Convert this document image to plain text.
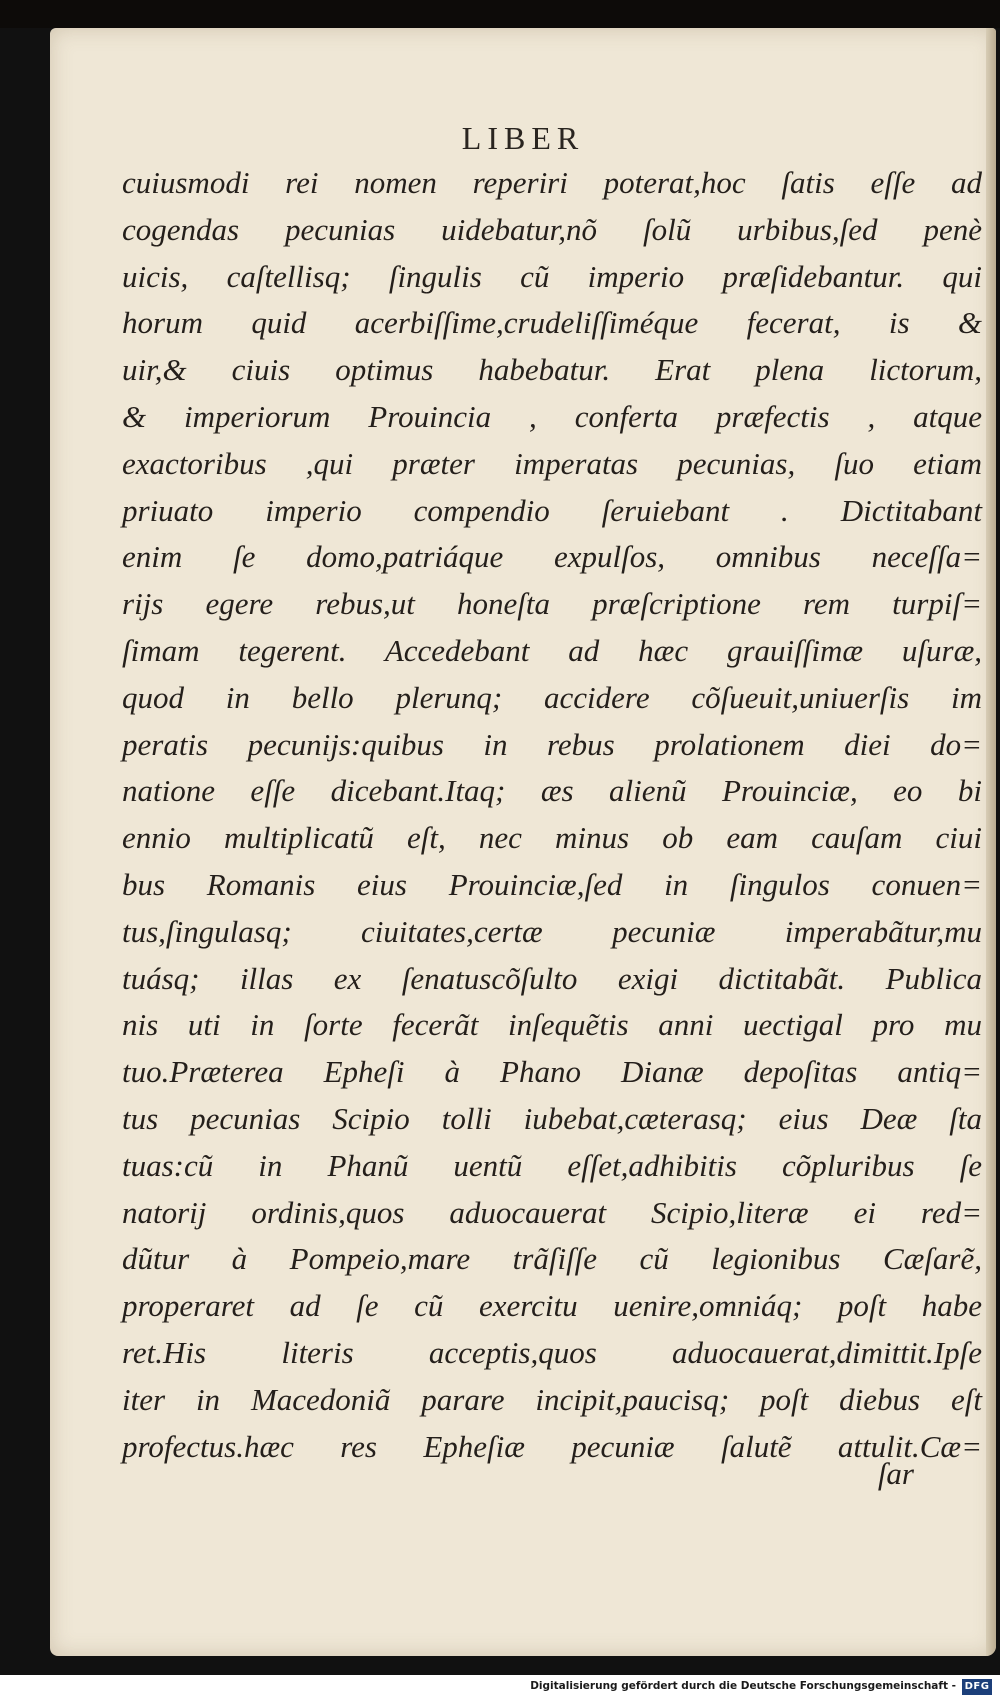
LIBER
cuiusmodi rei nomen reperiri poterat,hoc ſatis eſſe ad
cogendas pecunias uidebatur,nõ ſolũ urbibus,ſed penè
uicis, caſtellisq; ſingulis cũ imperio præſidebantur. qui
horum quid acerbiſſime,crudeliſſiméque fecerat, is &
uir,& ciuis optimus habebatur. Erat plena lictorum,
& imperiorum Prouincia , conferta præfectis , atque
exactoribus ,qui præter imperatas pecunias, ſuo etiam
priuato imperio compendio ſeruiebant . Dictitabant
enim ſe domo,patriáque expulſos, omnibus neceſſa=
rijs egere rebus,ut honeſta præſcriptione rem turpiſ=
ſimam tegerent. Accedebant ad hæc grauiſſimæ uſuræ,
quod in bello plerunq; accidere cõſueuit,uniuerſis im
peratis pecunijs:quibus in rebus prolationem diei do=
natione eſſe dicebant.Itaq; æs alienũ Prouinciæ, eo bi
ennio multiplicatũ eſt, nec minus ob eam cauſam ciui
bus Romanis eius Prouinciæ,ſed in ſingulos conuen=
tus,ſingulasq; ciuitates,certæ pecuniæ imperabãtur,mu
tuásq; illas ex ſenatuscõſulto exigi dictitabãt. Publica
nis uti in ſorte fecerãt inſequẽtis anni uectigal pro mu
tuo.Præterea Epheſi à Phano Dianæ depoſitas antiq=
tus pecunias Scipio tolli iubebat,cæterasq; eius Deæ ſta
tuas:cũ in Phanũ uentũ eſſet,adhibitis cõpluribus ſe
natorij ordinis,quos aduocauerat Scipio,literæ ei red=
dũtur à Pompeio,mare trãſiſſe cũ legionibus Cæſarẽ,
properaret ad ſe cũ exercitu uenire,omniáq; poſt habe
ret.His literis acceptis,quos aduocauerat,dimittit.Ipſe
iter in Macedoniã parare incipit,paucisq; poſt diebus eſt
profectus.hæc res Epheſiæ pecuniæ ſalutẽ attulit.Cæ=
ſar
Digitalisierung gefördert durch die Deutsche Forschungsgemeinschaft - DFG
